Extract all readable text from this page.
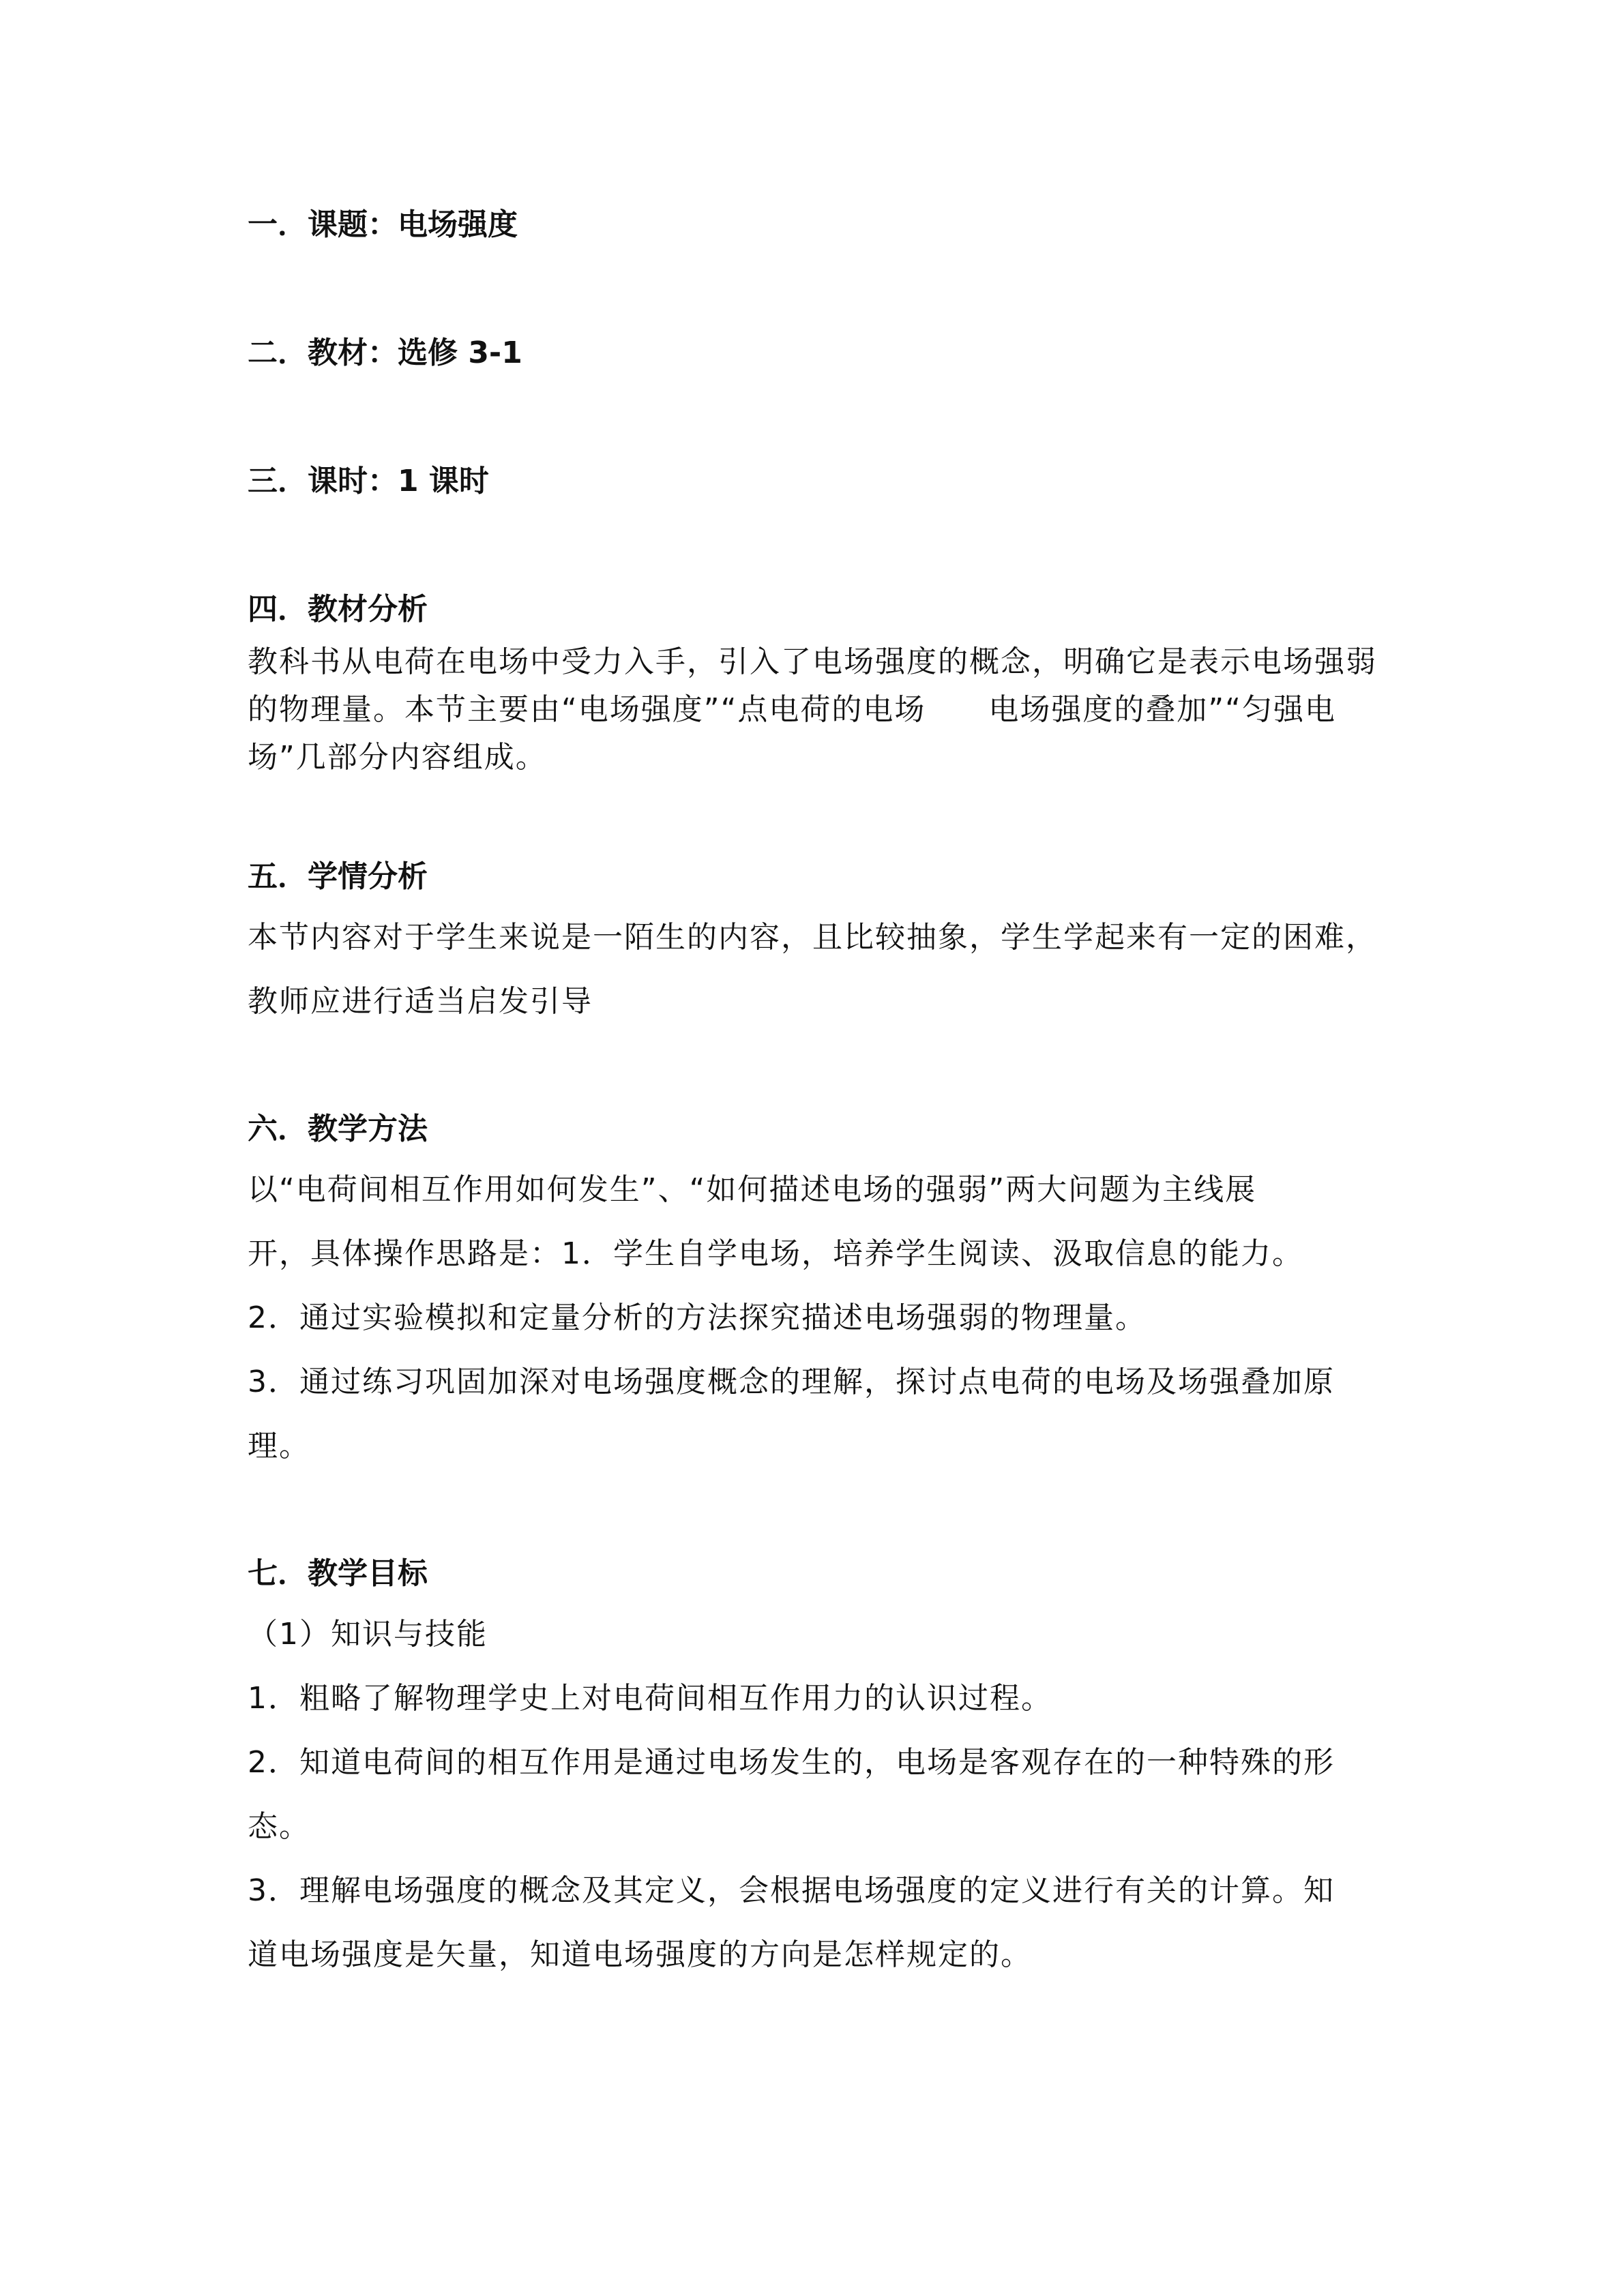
一．课题：电场强度

二．教材：选修 3-1

三．课时：1 课时

四．教材分析

教科书从电荷在电场中受力入手，引入了电场强度的概念，明确它是表示电场强弱的物理量。本节主要由“电场强度”“点电荷的电场　　电场强度的叠加”“匀强电场”几部分内容组成。

五．学情分析

本节内容对于学生来说是一陌生的内容，且比较抽象，学生学起来有一定的困难，教师应进行适当启发引导

六．教学方法

以“电荷间相互作用如何发生”、“如何描述电场的强弱”两大问题为主线展

开，具体操作思路是：1．学生自学电场，培养学生阅读、汲取信息的能力。

2．通过实验模拟和定量分析的方法探究描述电场强弱的物理量。

3．通过练习巩固加深对电场强度概念的理解，探讨点电荷的电场及场强叠加原

理。

七．教学目标

（1）知识与技能

1．粗略了解物理学史上对电荷间相互作用力的认识过程。

2．知道电荷间的相互作用是通过电场发生的，电场是客观存在的一种特殊的形

态。

3．理解电场强度的概念及其定义，会根据电场强度的定义进行有关的计算。知

道电场强度是矢量，知道电场强度的方向是怎样规定的。
